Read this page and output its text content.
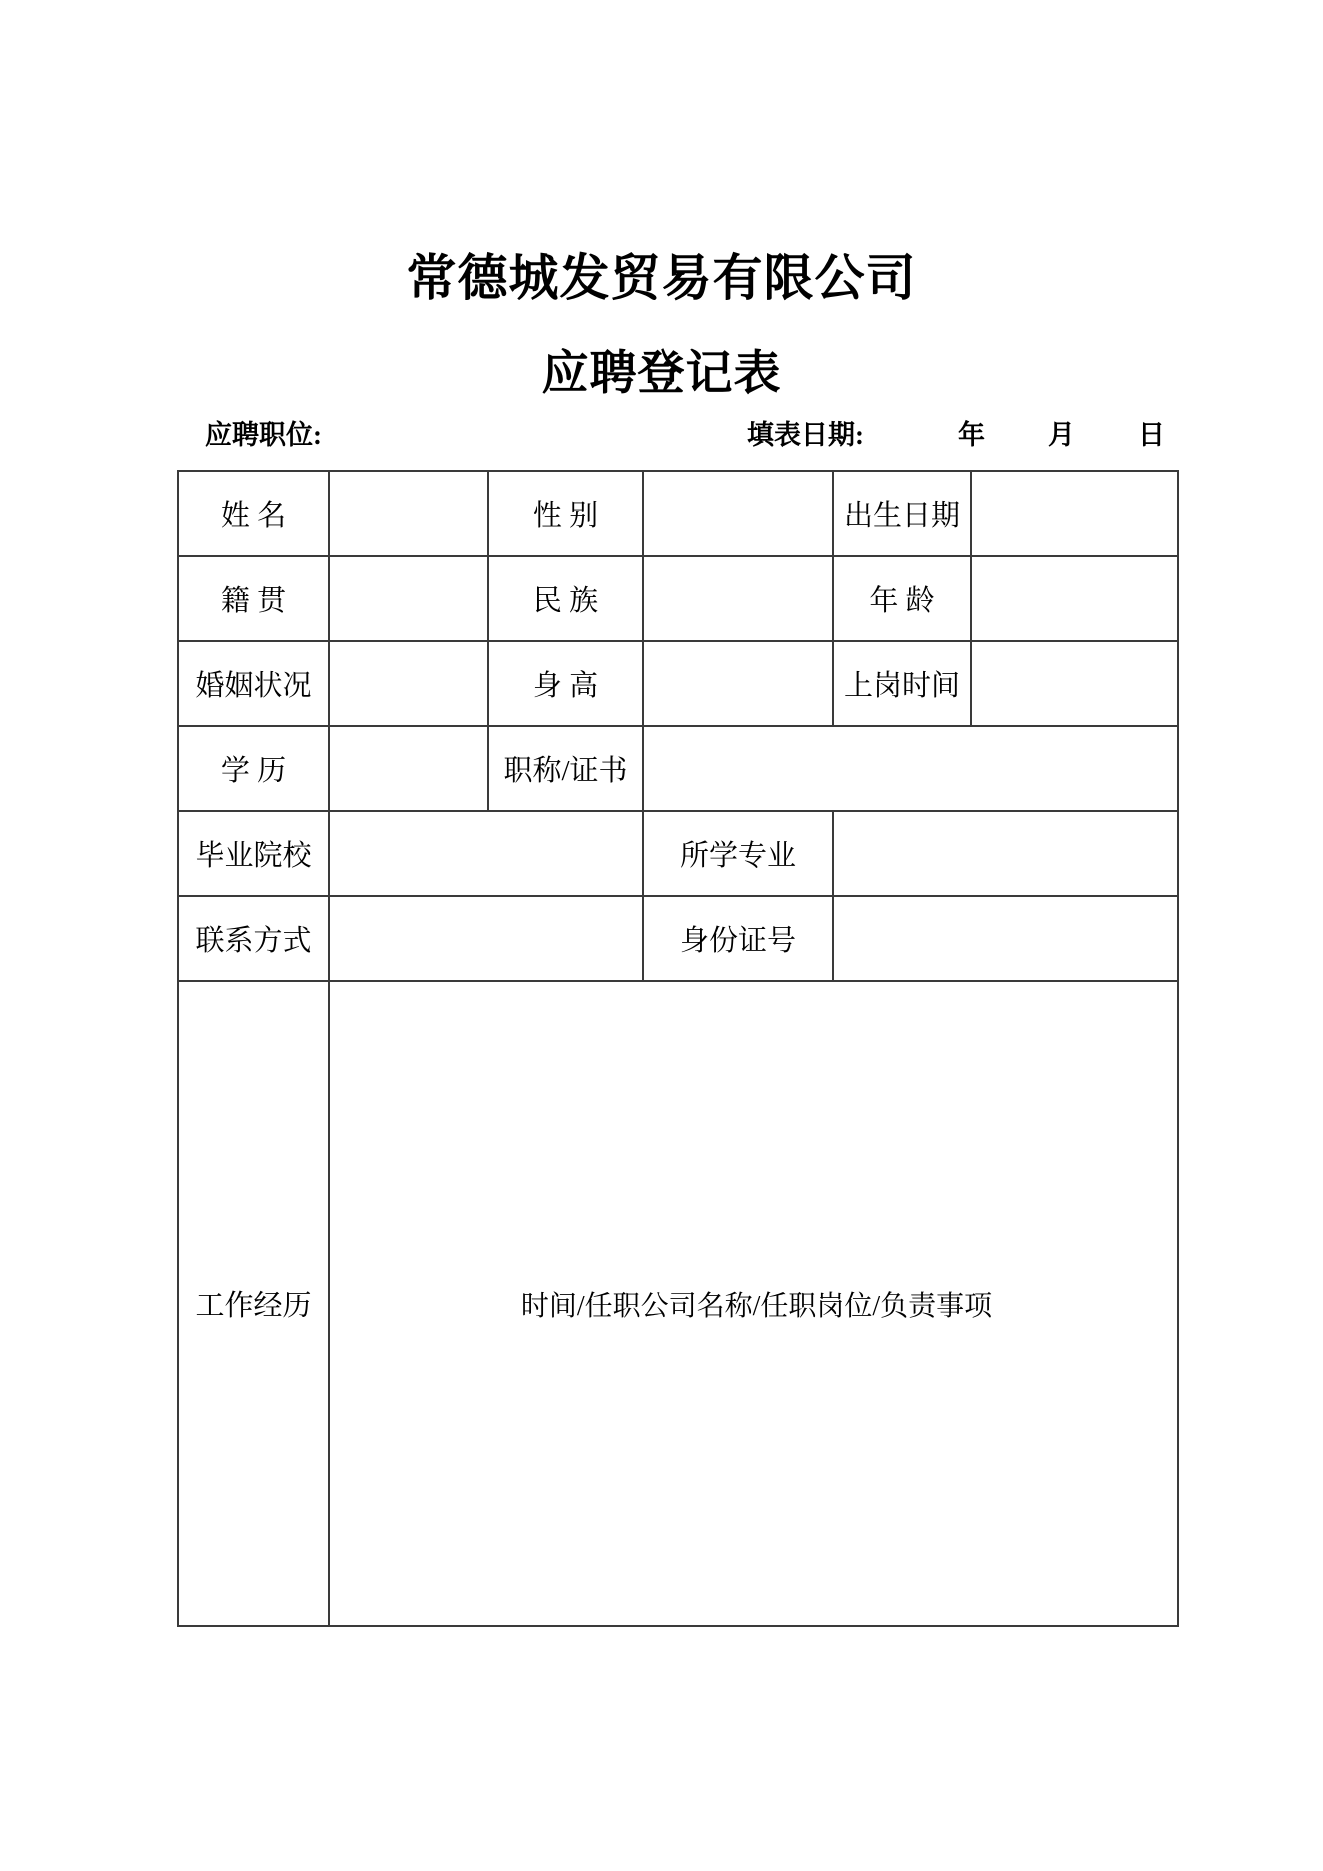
常德城发贸易有限公司
应聘登记表
应聘职位:	填表日期:	年 月 日
姓 名		性 别		出生日期	
籍 贯		民 族		年 龄	
婚姻状况		身 高		上岗时间	
学 历		职称/证书			
毕业院校			所学专业		
联系方式			身份证号		
工作经历	时间/任职公司名称/任职岗位/负责事项				
